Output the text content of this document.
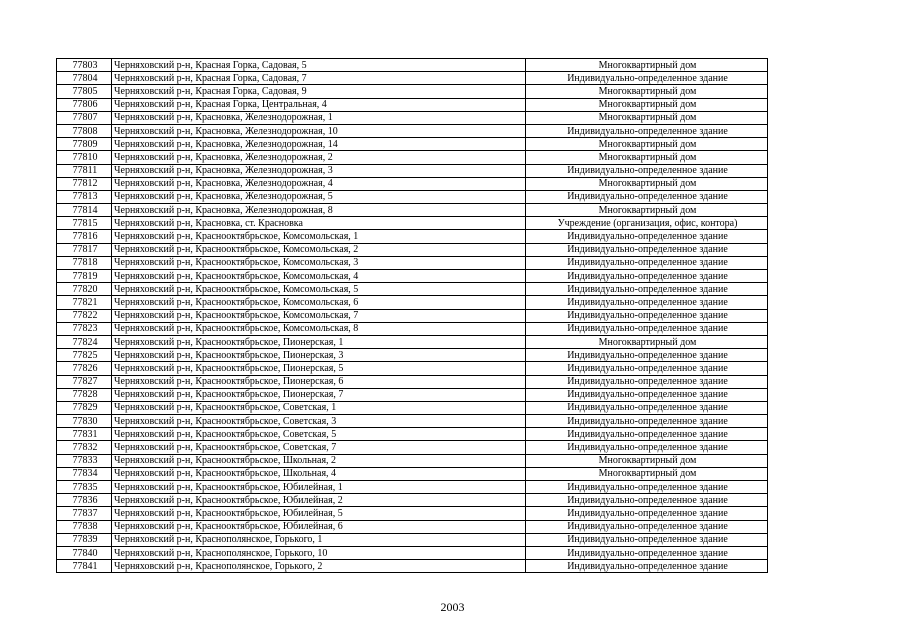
77803	Черняховский р-н, Красная Горка, Садовая, 5	Многоквартирный дом
77804	Черняховский р-н, Красная Горка, Садовая, 7	Индивидуально-определенное здание
77805	Черняховский р-н, Красная Горка, Садовая, 9	Многоквартирный дом
77806	Черняховский р-н, Красная Горка, Центральная, 4	Многоквартирный дом
77807	Черняховский р-н, Красновка, Железнодорожная, 1	Многоквартирный дом
77808	Черняховский р-н, Красновка, Железнодорожная, 10	Индивидуально-определенное здание
77809	Черняховский р-н, Красновка, Железнодорожная, 14	Многоквартирный дом
77810	Черняховский р-н, Красновка, Железнодорожная, 2	Многоквартирный дом
77811	Черняховский р-н, Красновка, Железнодорожная, 3	Индивидуально-определенное здание
77812	Черняховский р-н, Красновка, Железнодорожная, 4	Многоквартирный дом
77813	Черняховский р-н, Красновка, Железнодорожная, 5	Индивидуально-определенное здание
77814	Черняховский р-н, Красновка, Железнодорожная, 8	Многоквартирный дом
77815	Черняховский р-н, Красновка, ст. Красновка	Учреждение (организация, офис, контора)
77816	Черняховский р-н, Краснооктябрьское, Комсомольская, 1	Индивидуально-определенное здание
77817	Черняховский р-н, Краснооктябрьское, Комсомольская, 2	Индивидуально-определенное здание
77818	Черняховский р-н, Краснооктябрьское, Комсомольская, 3	Индивидуально-определенное здание
77819	Черняховский р-н, Краснооктябрьское, Комсомольская, 4	Индивидуально-определенное здание
77820	Черняховский р-н, Краснооктябрьское, Комсомольская, 5	Индивидуально-определенное здание
77821	Черняховский р-н, Краснооктябрьское, Комсомольская, 6	Индивидуально-определенное здание
77822	Черняховский р-н, Краснооктябрьское, Комсомольская, 7	Индивидуально-определенное здание
77823	Черняховский р-н, Краснооктябрьское, Комсомольская, 8	Индивидуально-определенное здание
77824	Черняховский р-н, Краснооктябрьское, Пионерская, 1	Многоквартирный дом
77825	Черняховский р-н, Краснооктябрьское, Пионерская, 3	Индивидуально-определенное здание
77826	Черняховский р-н, Краснооктябрьское, Пионерская, 5	Индивидуально-определенное здание
77827	Черняховский р-н, Краснооктябрьское, Пионерская, 6	Индивидуально-определенное здание
77828	Черняховский р-н, Краснооктябрьское, Пионерская, 7	Индивидуально-определенное здание
77829	Черняховский р-н, Краснооктябрьское, Советская, 1	Индивидуально-определенное здание
77830	Черняховский р-н, Краснооктябрьское, Советская, 3	Индивидуально-определенное здание
77831	Черняховский р-н, Краснооктябрьское, Советская, 5	Индивидуально-определенное здание
77832	Черняховский р-н, Краснооктябрьское, Советская, 7	Индивидуально-определенное здание
77833	Черняховский р-н, Краснооктябрьское, Школьная, 2	Многоквартирный дом
77834	Черняховский р-н, Краснооктябрьское, Школьная, 4	Многоквартирный дом
77835	Черняховский р-н, Краснооктябрьское, Юбилейная, 1	Индивидуально-определенное здание
77836	Черняховский р-н, Краснооктябрьское, Юбилейная, 2	Индивидуально-определенное здание
77837	Черняховский р-н, Краснооктябрьское, Юбилейная, 5	Индивидуально-определенное здание
77838	Черняховский р-н, Краснооктябрьское, Юбилейная, 6	Индивидуально-определенное здание
77839	Черняховский р-н, Краснополянское, Горького, 1	Индивидуально-определенное здание
77840	Черняховский р-н, Краснополянское, Горького, 10	Индивидуально-определенное здание
77841	Черняховский р-н, Краснополянское, Горького, 2	Индивидуально-определенное здание
2003
